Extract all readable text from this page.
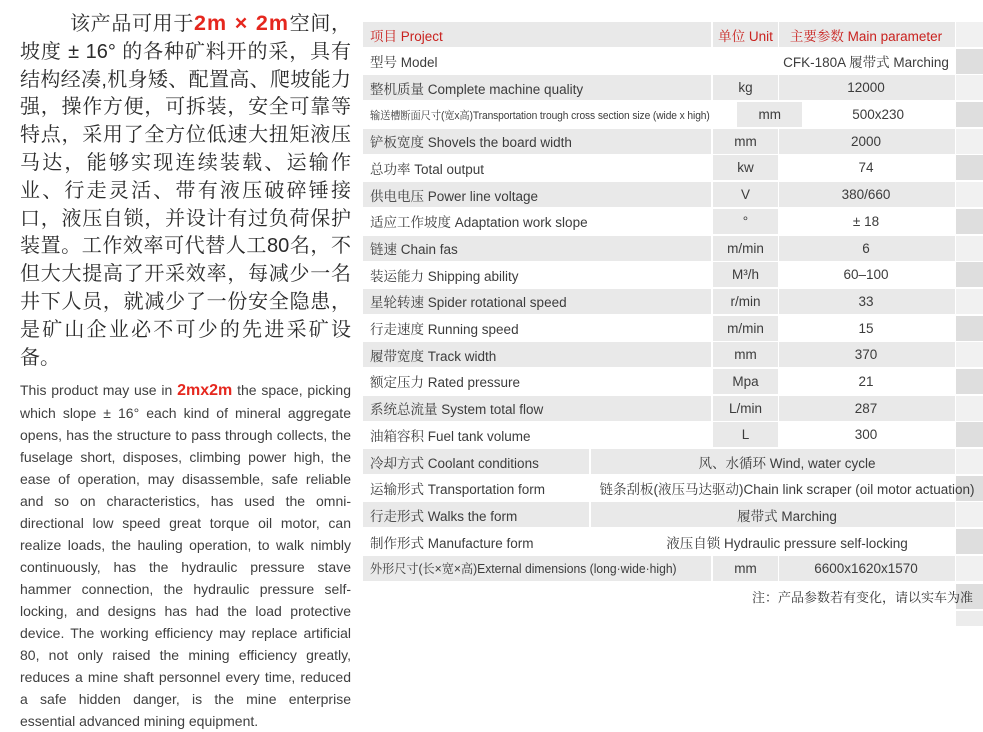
该产品可用于2m × 2m空间，坡度 ± 16° 的各种矿料开的采，具有结构经凑,机身矮、配置高、爬坡能力强，操作方便，可拆装，安全可靠等特点，采用了全方位低速大扭矩液压马达，能够实现连续装载、运输作业、行走灵活、带有液压破碎锤接口，液压自锁，并设计有过负荷保护装置。工作效率可代替人工80名，不但大大提高了开采效率，每减少一名井下人员，就减少了一份安全隐患，是矿山企业必不可少的先进采矿设备。

This product may use in 2mx2m the space, picking which slope ± 16° each kind of mineral aggregate opens, has the structure to pass through collects, the fuselage short, disposes, climbing power high, the ease of operation, may disassemble, safe reliable and so on characteristics, has used the omni-directional low speed great torque oil motor, can realize loads, the hauling operation, to walk nimbly continuously, has the hydraulic pressure stave hammer connection, the hydraulic pressure self-locking, and designs has had the load protective device. The working efficiency may replace artificial 80, not only raised the mining efficiency greatly, reduces a mine shaft personnel every time, reduced a safe hidden danger, is the mine enterprise essential advanced mining equipment.

项目 Project	单位 Unit	主要参数 Main parameter
型号 Model	CFK-180A 履带式 Marching
整机质量 Complete machine quality	kg	12000
输送槽断面尺寸(宽x高)Transportation trough cross section size (wide x high)	mm	500x230
铲板宽度 Shovels the board width	mm	2000
总功率 Total output	kw	74
供电电压 Power line voltage	V	380/660
适应工作坡度 Adaptation work slope	°	± 18
链速 Chain fas	m/min	6
装运能力 Shipping ability	M³/h	60–100
星轮转速 Spider rotational speed	r/min	33
行走速度 Running speed	m/min	15
履带宽度 Track width	mm	370
额定压力 Rated pressure	Mpa	21
系统总流量 System total flow	L/min	287
油箱容积 Fuel tank volume	L	300
冷却方式 Coolant conditions	风、水循环 Wind, water cycle
运输形式 Transportation form	链条刮板(液压马达驱动)Chain link scraper (oil motor actuation)
行走形式 Walks the form	履带式 Marching
制作形式 Manufacture form	液压自锁 Hydraulic pressure self-locking
外形尺寸(长×宽×高)External dimensions (long·wide·high)	mm	6600x1620x1570
注：产品参数若有变化，请以实车为准
